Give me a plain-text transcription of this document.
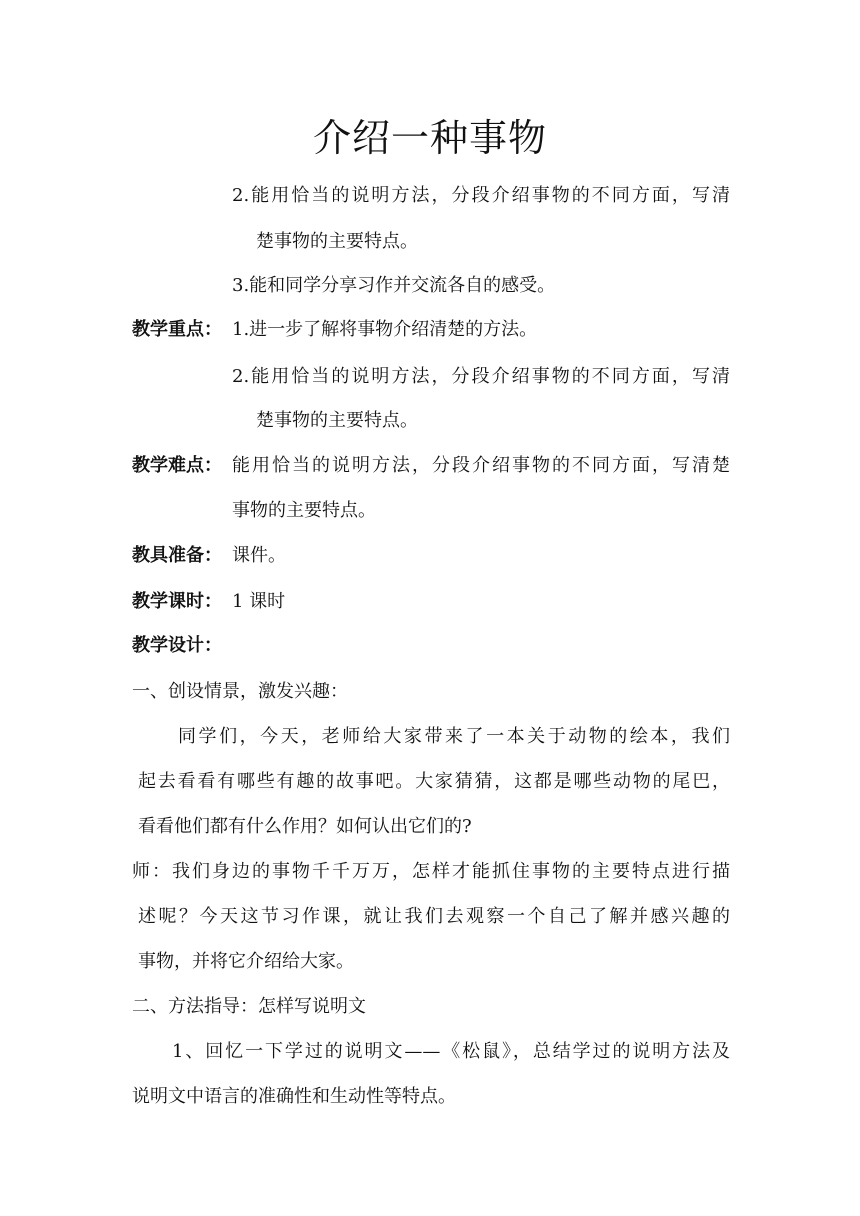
介绍一种事物
2.能用恰当的说明方法，分段介绍事物的不同方面，写清
楚事物的主要特点。
3.能和同学分享习作并交流各自的感受。
教学重点： 1.进一步了解将事物介绍清楚的方法。
2.能用恰当的说明方法，分段介绍事物的不同方面，写清
楚事物的主要特点。
教学难点： 能用恰当的说明方法，分段介绍事物的不同方面，写清楚
事物的主要特点。
教具准备： 课件。
教学课时： 1 课时
教学设计：
一、创设情景，激发兴趣：
同学们，今天，老师给大家带来了一本关于动物的绘本，我们
起去看看有哪些有趣的故事吧。大家猜猜，这都是哪些动物的尾巴，
看看他们都有什么作用？如何认出它们的?
师：我们身边的事物千千万万，怎样才能抓住事物的主要特点进行描
述呢？今天这节习作课，就让我们去观察一个自己了解并感兴趣的
事物，并将它介绍给大家。
二、方法指导：怎样写说明文
1、回忆一下学过的说明文——《松鼠》，总结学过的说明方法及
说明文中语言的准确性和生动性等特点。
